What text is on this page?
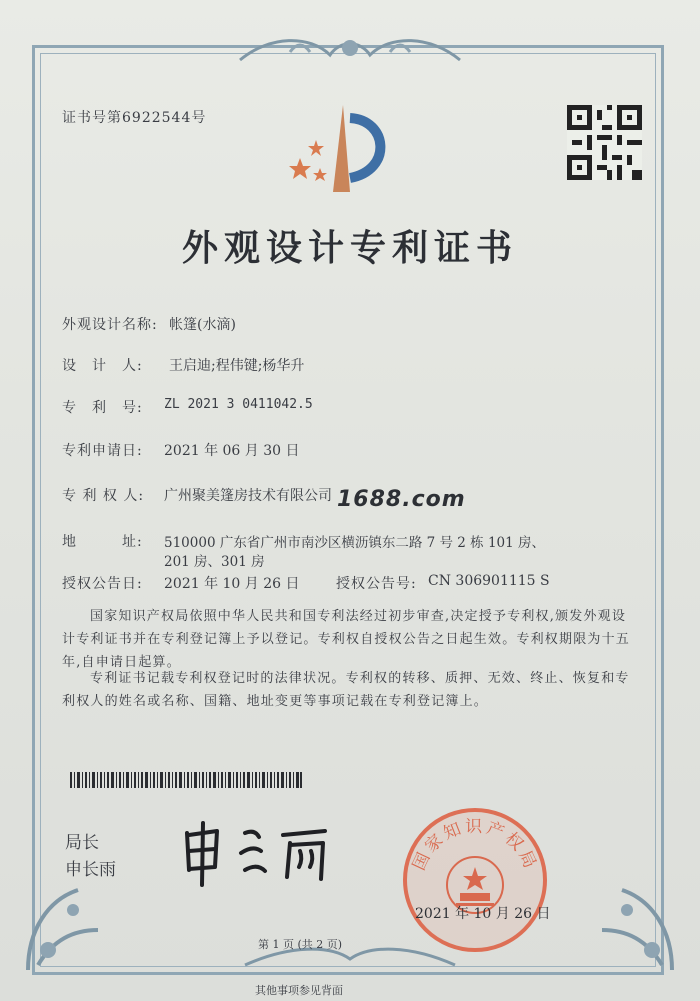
证书号第6922544号
外观设计专利证书
外观设计名称: 帐篷(水滴)
设　计　人: 王启迪;程伟键;杨华升
专　利　号: ZL 2021 3 0411042.5
专利申请日: 2021 年 06 月 30 日
专 利 权 人: 广州聚美篷房技术有限公司
地　　　址: 510000 广东省广州市南沙区横沥镇东二路 7 号 2 栋 101 房、
201 房、301 房
授权公告日: 2021 年 10 月 26 日	授权公告号: CN 306901115 S
国家知识产权局依照中华人民共和国专利法经过初步审查,决定授予专利权,颁发外观设计专利证书并在专利登记簿上予以登记。专利权自授权公告之日起生效。专利权期限为十五年,自申请日起算。
专利证书记载专利权登记时的法律状况。专利权的转移、质押、无效、终止、恢复和专利权人的姓名或名称、国籍、地址变更等事项记载在专利登记簿上。
1688.com
局长
申长雨	国家知识产权局
2021 年 10 月 26 日
第 1 页 (共 2 页)
其他事项参见背面
